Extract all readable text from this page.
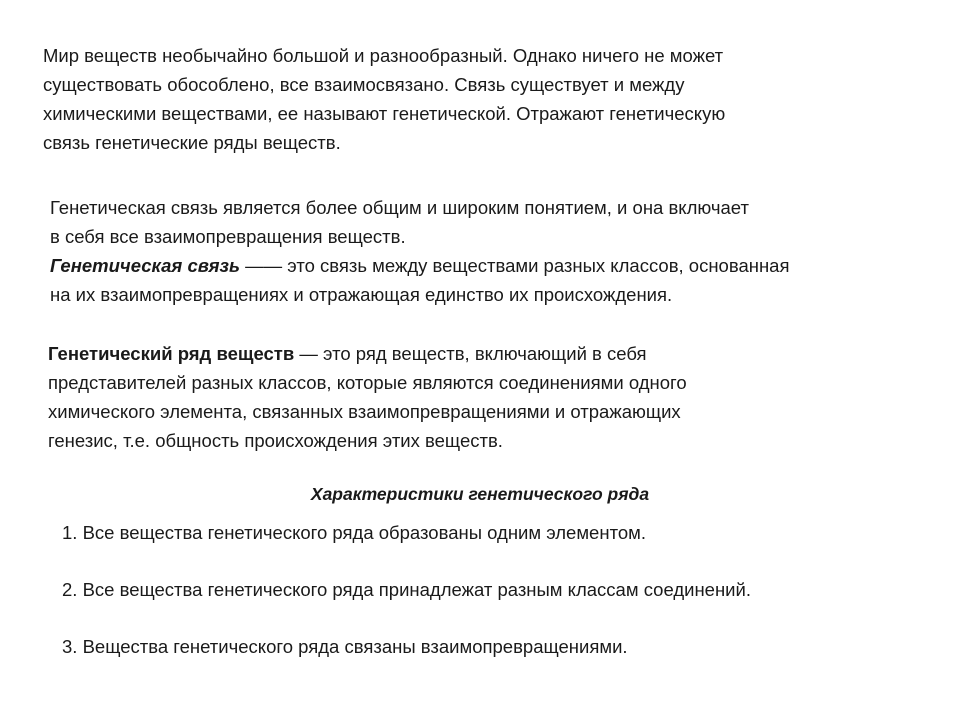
Мир веществ необычайно большой и разнообразный. Однако ничего не может
существовать обособлено, все взаимосвязано. Связь существует и между
химическими веществами, ее называют генетической. Отражают генетическую
связь генетические ряды веществ.

Генетическая связь является более общим и широким понятием, и она включает
в себя все взаимопревращения веществ.
Генетическая связь —— это связь между веществами разных классов, основанная
на их взаимопревращениях и отражающая единство их происхождения.

Генетический ряд веществ — это ряд веществ, включающий в себя
представителей разных классов, которые являются соединениями одного
химического элемента, связанных взаимопревращениями и отражающих
генезис, т.е. общность происхождения этих веществ.

Характеристики генетического ряда

1. Все вещества генетического ряда образованы одним элементом.

2. Все вещества генетического ряда принадлежат разным классам соединений.

3. Вещества генетического ряда связаны взаимопревращениями.
